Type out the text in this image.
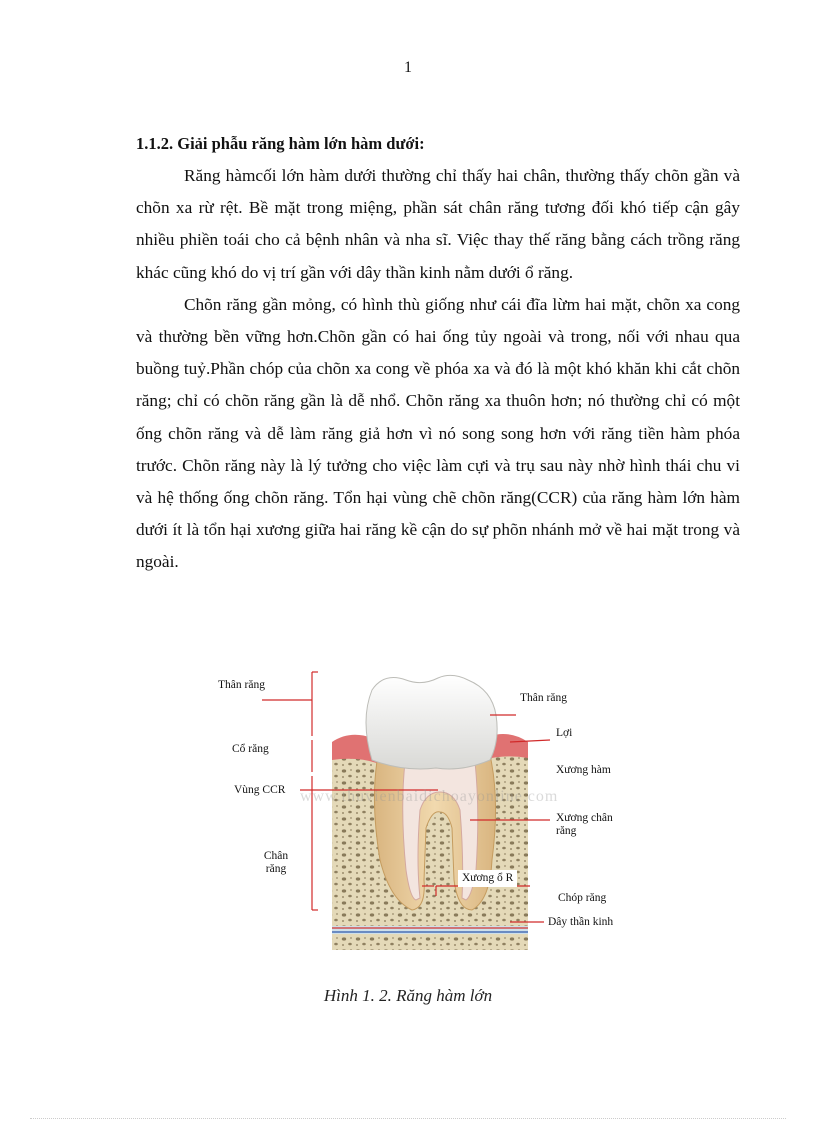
1
1.1.2. Giải phẫu răng hàm lớn hàm dưới:

Răng hàmcối lớn hàm dưới thường chỉ thấy hai chân, thường thấy chõn gần và chõn xa rừ rệt. Bề mặt trong miệng, phần sát chân răng tương đối khó tiếp cận gây nhiều phiền toái cho cả bệnh nhân và nha sĩ. Việc thay thế răng bằng cách trồng răng khác cũng khó do vị trí gần với dây thần kinh nằm dưới ổ răng.

Chõn răng gần mỏng, có hình thù giống như cái đĩa lừm hai mặt, chõn xa cong và thường bền vững hơn.Chõn gần có hai ống tủy ngoài và trong, nối với nhau qua buồng tuỷ.Phần chóp của chõn xa cong về phóa xa và đó là một khó khăn khi cắt chõn răng; chỉ có chõn răng gần là dễ nhổ. Chõn răng xa thuôn hơn; nó thường chỉ có một ống chõn răng và dễ làm răng giả hơn vì nó song song hơn với răng tiền hàm phóa trước. Chõn răng này là lý tưởng cho việc làm cựi và trụ sau này nhờ hình thái chu vi và hệ thống ống chõn răng. Tổn hại vùng chẽ chõn răng(CCR) của răng hàm lớn hàm dưới ít là tổn hại xương giữa hai răng kề cận do sự phõn nhánh mở về hai mặt trong và ngoài.

www.thuvienbaidichoayonline.com
Thân răng
Cổ răng
Vùng CCR
Chân răng
Thân răng
Lợi
Xương hàm
Xương chân răng
Xương ổ R
Chóp răng
Dây thần kinh
Hình 1. 2. Răng hàm lớn
